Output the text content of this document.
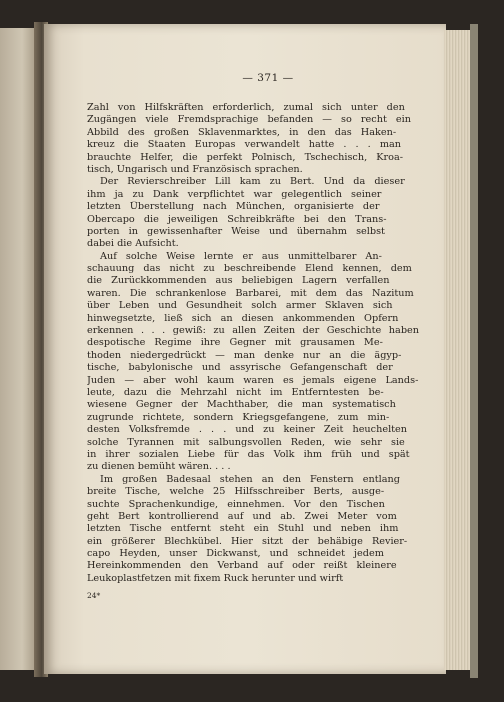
— 371 —
Zahl von Hilfskräften erforderlich, zumal sich unter den
Zugängen viele Fremdsprachige befanden — so recht ein
Abbild des großen Sklavenmarktes, in den das Haken-
kreuz die Staaten Europas verwandelt hatte . . . man
brauchte Helfer, die perfekt Polnisch, Tschechisch, Kroa-
tisch, Ungarisch und Französisch sprachen.
Der Revierschreiber Lill kam zu Bert. Und da dieser
ihm ja zu Dank verpflichtet war gelegentlich seiner
letzten Überstellung nach München, organisierte der
Obercapo die jeweiligen Schreibkräfte bei den Trans-
porten in gewissenhafter Weise und übernahm selbst
dabei die Aufsicht.
Auf solche Weise lernte er aus unmittelbarer An-
schauung das nicht zu beschreibende Elend kennen, dem
die Zurückkommenden aus beliebigen Lagern verfallen
waren. Die schrankenlose Barbarei, mit dem das Nazitum
über Leben und Gesundheit solch armer Sklaven sich
hinwegsetzte, ließ sich an diesen ankommenden Opfern
erkennen . . . gewiß: zu allen Zeiten der Geschichte haben
despotische Regime ihre Gegner mit grausamen Me-
thoden niedergedrückt — man denke nur an die ägyp-
tische, babylonische und assyrische Gefangenschaft der
Juden — aber wohl kaum waren es jemals eigene Lands-
leute, dazu die Mehrzahl nicht im Entferntesten be-
wiesene Gegner der Machthaber, die man systematisch
zugrunde richtete, sondern Kriegsgefangene, zum min-
desten Volksfremde . . . und zu keiner Zeit heuchelten
solche Tyrannen mit salbungsvollen Reden, wie sehr sie
in ihrer sozialen Liebe für das Volk ihm früh und spät
zu dienen bemüht wären. . . .
Im großen Badesaal stehen an den Fenstern entlang
breite Tische, welche 25 Hilfsschreiber Berts, ausge-
suchte Sprachenkundige, einnehmen. Vor den Tischen
geht Bert kontrollierend auf und ab. Zwei Meter vom
letzten Tische entfernt steht ein Stuhl und neben ihm
ein größerer Blechkübel. Hier sitzt der behäbige Revier-
capo Heyden, unser Dickwanst, und schneidet jedem
Hereinkommenden den Verband auf oder reißt kleinere
Leukoplastfetzen mit fixem Ruck herunter und wirft
24*
